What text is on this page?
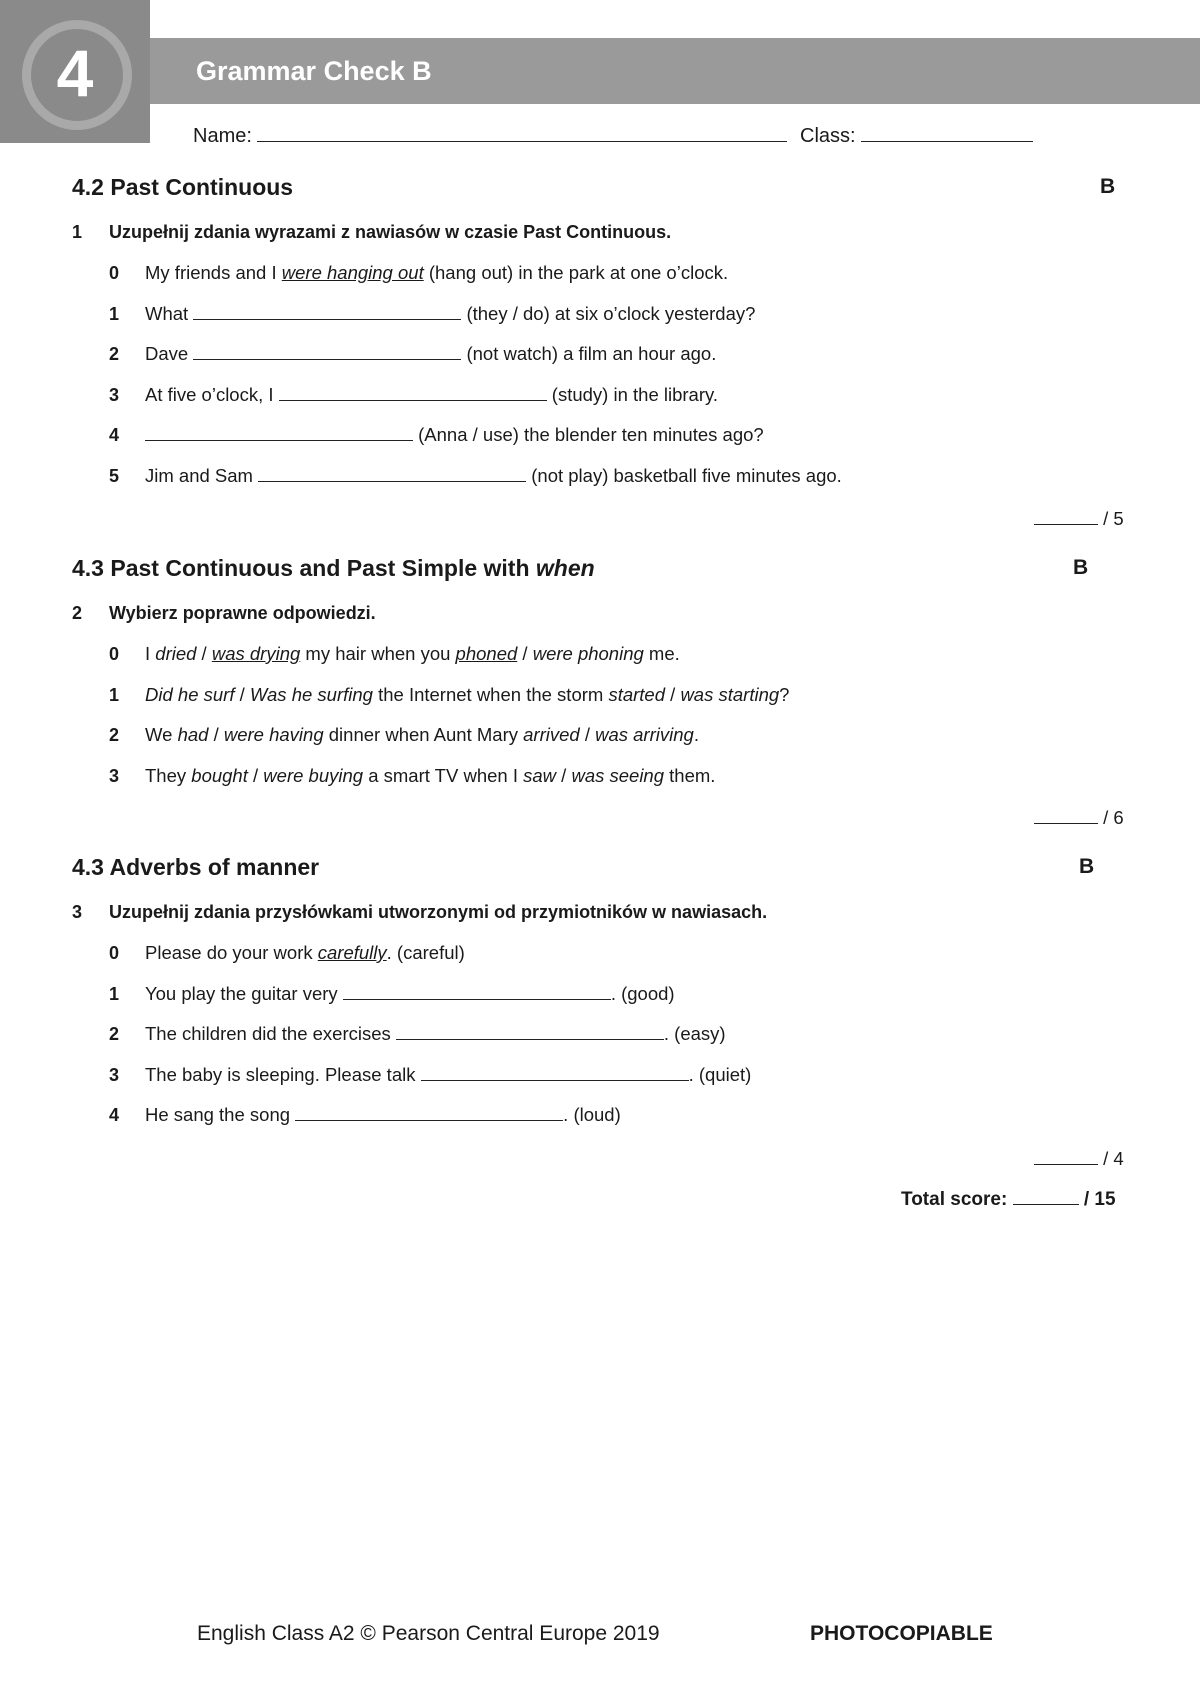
4	Grammar Check B
Name:	Class:
4.2 Past Continuous	B
1 Uzupełnij zdania wyrazami z nawiasów w czasie Past Continuous.
0 My friends and I were hanging out (hang out) in the park at one o’clock.
1 What	(they / do) at six o’clock yesterday?
2 Dave	(not watch) a film an hour ago.
3 At five o’clock, I	(study) in the library.
4	(Anna / use) the blender ten minutes ago?
5 Jim and Sam	(not play) basketball five minutes ago.
/ 5
4.3 Past Continuous and Past Simple with when	B
2 Wybierz poprawne odpowiedzi.
0 I dried / was drying my hair when you phoned / were phoning me.
1 Did he surf / Was he surfing the Internet when the storm started / was starting?
2 We had / were having dinner when Aunt Mary arrived / was arriving.
3 They bought / were buying a smart TV when I saw / was seeing them.
/ 6
4.3 Adverbs of manner	B
3 Uzupełnij zdania przysłówkami utworzonymi od przymiotników w nawiasach.
0 Please do your work carefully. (careful)
1 You play the guitar very	. (good)
2 The children did the exercises	. (easy)
3 The baby is sleeping. Please talk	. (quiet)
4 He sang the song	. (loud)
/ 4
Total score:	/ 15
English Class A2 © Pearson Central Europe 2019	PHOTOCOPIABLE
